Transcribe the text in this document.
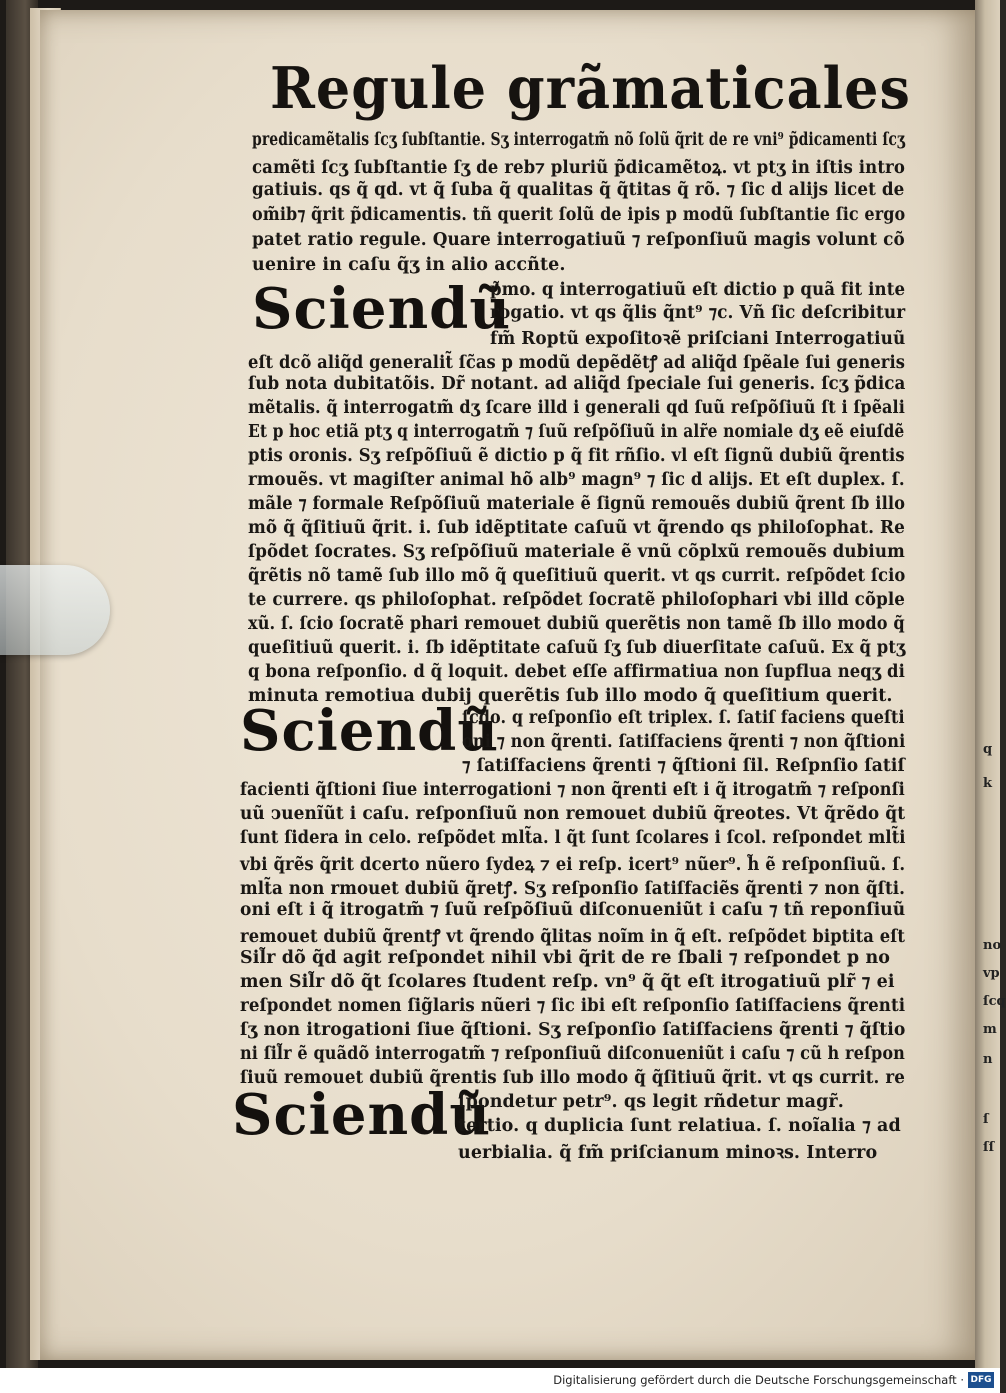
q
k
no
vp
ſcq
m
n
ſ
ſſ
Regule grãmaticales
predicamẽtalis ſcʒ ſubſtantie. Sʒ interrogatm̃ nõ ſolũ q̃rit de re vni⁹ p̃dicamenti ſcʒ
camẽti ſcʒ ſubſtantie ſʒ de reb⁊ pluriũ p̃dicamẽtoꝝ. vt ptʒ in iſtis intro
gatiuis. qs q̃ qd. vt q̃ ſuba q̃ qualitas q̃ q̃titas q̃ rõ. ⁊ ſic d alijs licet de
om̃ib⁊ q̃rit p̃dicamentis. tñ querit ſolũ de ipis p modũ ſubſtantie ſic ergo
patet ratio regule. Quare interrogatiuũ ⁊ reſponſiuũ magis volunt cõ
uenire in caſu q̃ʒ in alio accñte.
Sciendũ
p̃mo. q interrogatiuũ eſt dictio p quã fit inte
rogatio. vt qs q̃lis q̃nt⁹ ⁊c. Vñ ſic deſcribitur
fm̃ Roptũ expoſitoꝛẽ priſciani Interrogatiuũ
eſt dcõ aliq̃d generalit̃ ſc̃as p modũ depẽdẽtꝭ ad aliq̃d ſpẽale ſui generis
ſub nota dubitatõis. Dr̃ notant. ad aliq̃d ſpeciale ſui generis. ſcʒ p̃dica
mẽtalis. q̃ interrogatm̃ dʒ ſcare illd i generali qd ſuũ reſpõſiuũ ſt i ſpẽali
Et p hoc etiã ptʒ q interrogatm̃ ⁊ ſuũ reſpõſiuũ in alr̃e nomiale dʒ eẽ eiuſdẽ
ptis oronis. Sʒ reſpõſiuũ ẽ dictio p q̃ fit rñſio. vl eſt ſignũ dubiũ q̃rentis
rmouẽs. vt magiſter animal hõ alb⁹ magn⁹ ⁊ ſic d alijs. Et eſt duplex. ſ.
mãle ⁊ formale Reſpõſiuũ materiale ẽ ſignũ remouẽs dubiũ q̃rent ſb illo
mõ q̃ q̃ſitiuũ q̃rit. i. ſub idẽptitate caſuũ vt q̃rendo qs philoſophat. Re
ſpõdet ſocrates. Sʒ reſpõſiuũ materiale ẽ vnũ cõplxũ remouẽs dubium
q̃rẽtis nõ tamẽ ſub illo mõ q̃ queſitiuũ querit. vt qs currit. reſpõdet ſcio
te currere. qs philoſophat. reſpõdet ſocratẽ philoſophari vbi illd cõple
xũ. ſ. ſcio ſocratẽ phari remouet dubiũ querẽtis non tamẽ ſb illo modo q̃
queſitiuũ querit. i. ſb idẽptitate caſuũ ſʒ ſub diuerſitate caſuũ. Ex q̃ ptʒ
q bona reſponſio. d q̃ loquit. debet eſſe affirmatiua non ſupflua neqʒ di
minuta remotiua dubij querẽtis ſub illo modo q̃ queſitium querit.
Sciendũ
ſcdo. q reſponſio eſt triplex. ſ. ſatiſ faciens queſti
oni ⁊ non q̃renti. ſatiſfaciens q̃renti ⁊ non q̃ſtioni
⁊ ſatiſfaciens q̃renti ⁊ q̃ſtioni ſil. Reſpnſio ſatiſ
facienti q̃ſtioni ſiue interrogationi ⁊ non q̃renti eſt i q̃ itrogatm̃ ⁊ reſponſi
uũ ↄuenĩũt i caſu. reſponſiuũ non remouet dubiũ q̃reotes. Vt q̃rẽdo q̃t
ſunt ſidera in celo. reſpõdet mlt̃a. l q̃t ſunt ſcolares i ſcol. reſpondet mlt̃i
vbi q̃rẽs q̃rit dcerto nũero ſydeꝝ ⁊ ei reſp. icert⁹ nũer⁹. h̃ ẽ reſponſiuũ. ſ.
mlt̃a non rmouet dubiũ q̃retꝭ. Sʒ reſponſio ſatiſfaciẽs q̃renti ⁊ non q̃ſti.
oni eſt i q̃ itrogatm̃ ⁊ ſuũ reſpõſiuũ diſconueniũt i caſu ⁊ tñ reponſiuũ
remouet dubiũ q̃rentꝭ vt q̃rendo q̃litas noĩm in q̃ eſt. reſpõdet biptita eſt
Sil̃r dõ q̃d agit reſpondet nihil vbi q̃rit de re ſbali ⁊ reſpondet p no
men Sil̃r dõ q̃t ſcolares ſtudent reſp. vn⁹ q̃ q̃t eſt itrogatiuũ plr̃ ⁊ ei
reſpondet nomen ſig̃laris nũeri ⁊ ſic ibi eſt reſponſio ſatiſfaciens q̃renti
ſʒ non itrogationi ſiue q̃ſtioni. Sʒ reſponſio ſatiſfaciens q̃renti ⁊ q̃ſtio
ni ſil̃r ẽ quãdõ interrogatm̃ ⁊ reſponſiuũ diſconueniũt i caſu ⁊ cũ h reſpon
ſiuũ remouet dubiũ q̃rentis ſub illo modo q̃ q̃ſitiuũ q̃rit. vt qs currit. re
Sciendũ
ſpondetur petr⁹. qs legit rñdetur magr̃.
tertio. q duplicia ſunt relatiua. ſ. noĩalia ⁊ ad
uerbialia. q̃ fm̃ priſcianum minoꝛs. Interro
Digitalisierung gefördert durch die Deutsche Forschungsgemeinschaft · DFG
